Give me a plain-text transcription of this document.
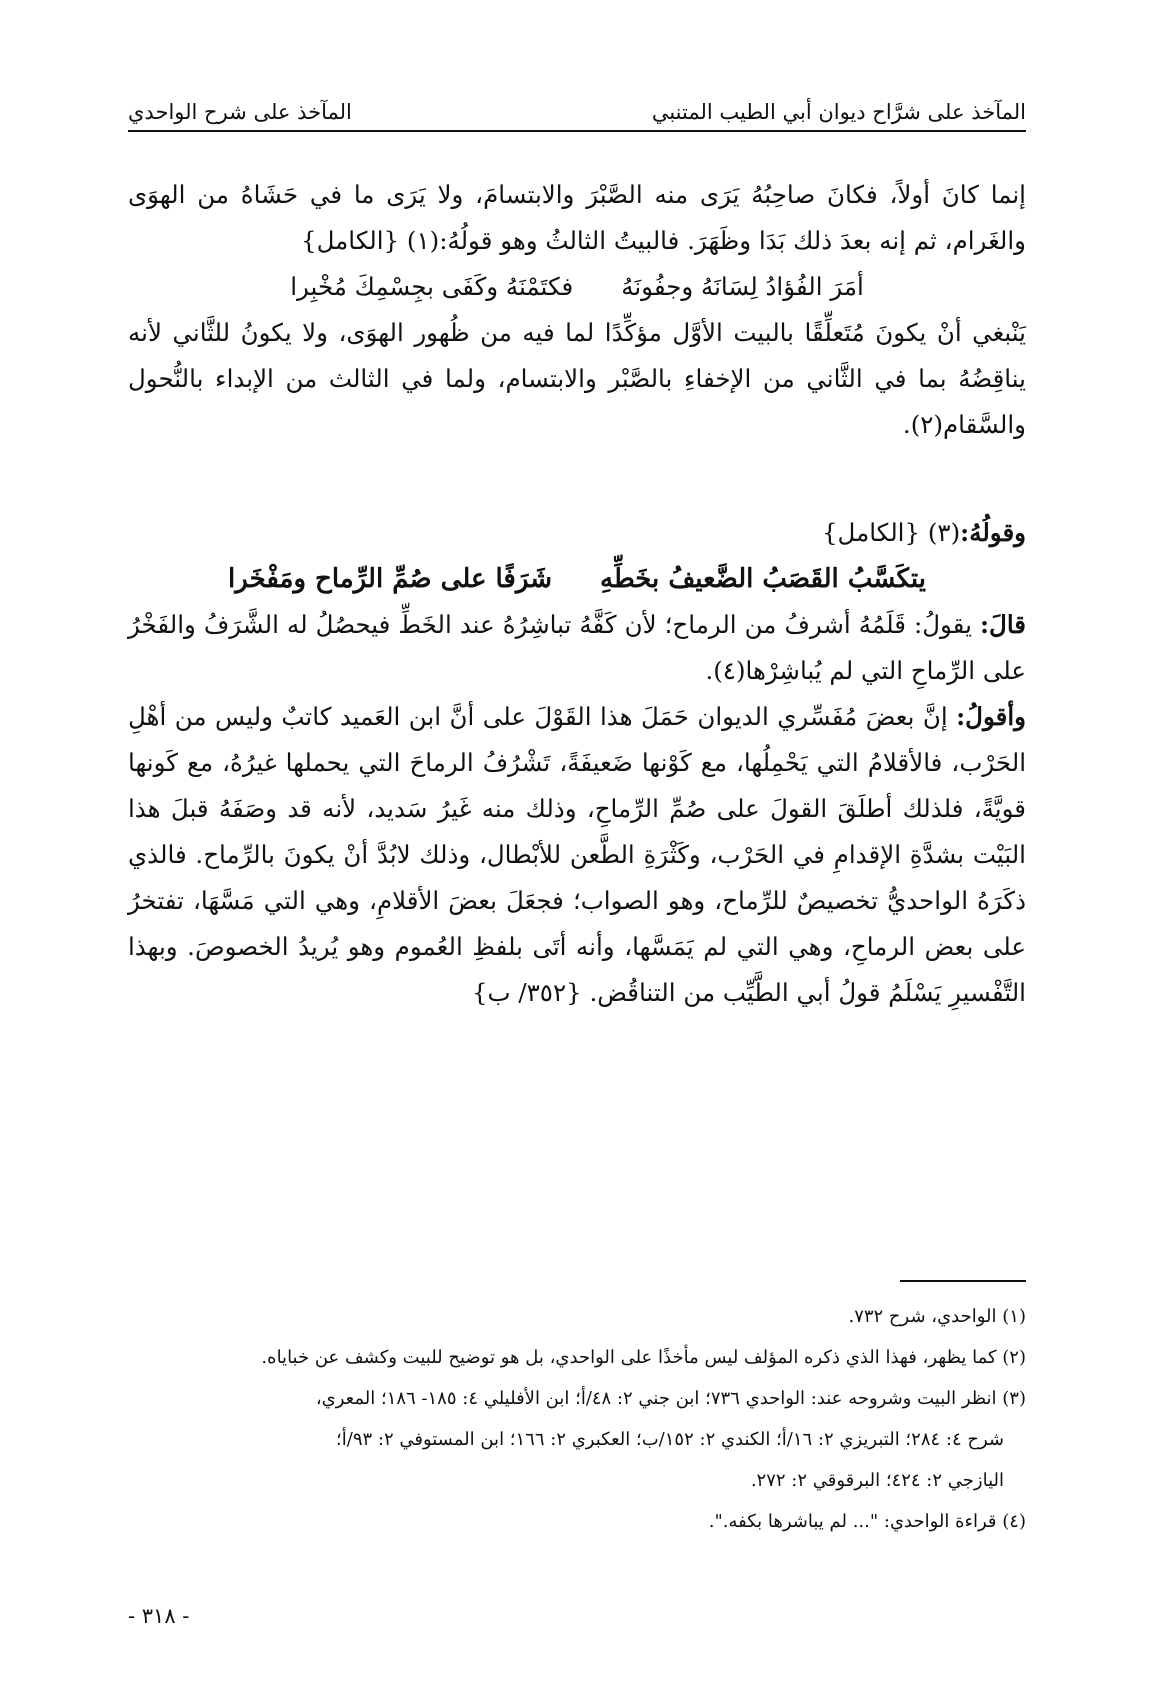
المآخذ على شرَّاح ديوان أبي الطيب المتنبي
المآخذ على شرح الواحدي

إنما كانَ أولاً، فكانَ صاحِبُهُ يَرَى منه الصَّبْرَ والابتسامَ، ولا يَرَى ما في حَشَاهُ من الهوَى والغَرام، ثم إنه بعدَ ذلك بَدَا وظَهَرَ. فالبيتُ الثالثُ وهو قولُهُ:(١) {الكامل}

أمَرَ الفُؤادُ لِسَانَهُ وجفُونَهُ
فكتَمْنَهُ وكَفَى بجِسْمِكَ مُخْبِرا

يَنْبغي أنْ يكونَ مُتَعلِّقًا بالبيت الأوَّل مؤكِّدًا لما فيه من ظُهور الهوَى، ولا يكونُ للثَّاني لأنه يناقِضُهُ بما في الثَّاني من الإخفاءِ بالصَّبْر والابتسام، ولما في الثالث من الإبداء بالنُّحول والسَّقام(٢).

وقولُهُ:(٣) {الكامل}

يتكَسَّبُ القَصَبُ الضَّعيفُ بخَطِّهِ
شَرَفًا على صُمِّ الرِّماح ومَفْخَرا

قالَ: يقولُ: قَلَمُهُ أشرفُ من الرماح؛ لأن كَفَّهُ تباشِرُهُ عند الخَطِّ فيحصُلُ له الشَّرَفُ والفَخْرُ على الرِّماحِ التي لم يُباشِرْها(٤).

وأقولُ: إنَّ بعضَ مُفَسِّري الديوان حَمَلَ هذا القَوْلَ على أنَّ ابن العَميد كاتبٌ وليس من أهْلِ الحَرْب، فالأقلامُ التي يَحْمِلُها، مع كَوْنها ضَعيفَةً، تَشْرُفُ الرماحَ التي يحملها غيرُهُ، مع كَونها قويَّةً، فلذلك أطلَقَ القولَ على صُمِّ الرِّماحِ، وذلك منه غَيرُ سَديد، لأنه قد وصَفَهُ قبلَ هذا البَيْت بشدَّةِ الإقدامِ في الحَرْب، وكَثْرَةِ الطَّعن للأبْطال، وذلك لابُدَّ أنْ يكونَ بالرِّماح. فالذي ذكَرَهُ الواحديُّ تخصيصٌ للرِّماح، وهو الصواب؛ فجعَلَ بعضَ الأقلامِ، وهي التي مَسَّهَا، تفتخرُ على بعض الرماحِ، وهي التي لم يَمَسَّها، وأنه أتَى بلفظِ العُموم وهو يُريدُ الخصوصَ. وبهذا التَّفْسيرِ يَسْلَمُ قولُ أبي الطَّيِّب من التناقُض. {٣٥٢/ ب}

(١) الواحدي، شرح ٧٣٢.

(٢) كما يظهر، فهذا الذي ذكره المؤلف ليس مأخذًا على الواحدي، بل هو توضيح للبيت وكشف عن خباياه.

(٣) انظر البيت وشروحه عند: الواحدي ٧٣٦؛ ابن جني ٢: ٤٨/أ؛ ابن الأفليلي ٤: ١٨٥- ١٨٦؛ المعري،

شرح ٤: ٢٨٤؛ التبريزي ٢: ١٦/أ؛ الكندي ٢: ١٥٢/ب؛ العكبري ٢: ١٦٦؛ ابن المستوفي ٢: ٩٣/أ؛

اليازجي ٢: ٤٢٤؛ البرقوقي ٢: ٢٧٢.

(٤) قراءة الواحدي: "... لم يباشرها بكفه.".

- ٣١٨ -
